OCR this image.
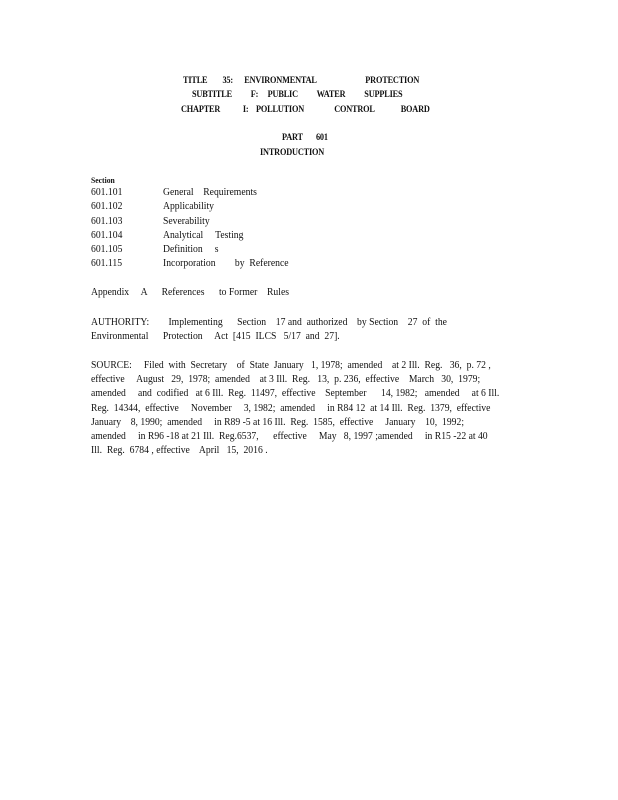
TITLE        35:      ENVIRONMENTAL                          PROTECTION
SUBTITLE          F:     PUBLIC          WATER          SUPPLIES
CHAPTER            I:    POLLUTION                CONTROL              BOARD
PART       601
INTRODUCTION
Section
601.101	General    Requirements
601.102	Applicability
601.103	Severability
601.104	Analytical     Testing
601.105	Definition     s
601.115	Incorporation        by  Reference
Appendix     A      References      to Former    Rules
AUTHORITY:        Implementing      Section    17 and  authorized    by Section    27  of  the
Environmental      Protection     Act  [415  ILCS   5/17  and  27].
SOURCE:     Filed  with  Secretary    of  State  January   1, 1978;  amended    at 2 Ill.  Reg.   36,  p. 72 ,
effective     August   29,  1978;  amended    at 3 Ill.  Reg.   13,  p. 236,  effective    March   30,  1979;
amended     and  codified   at 6 Ill.  Reg.  11497,  effective    September      14, 1982;   amended     at 6 Ill.
Reg.  14344,  effective     November     3, 1982;  amended     in R84 12  at 14 Ill.  Reg.  1379,  effective
January    8, 1990;  amended     in R89 -5 at 16 Ill.  Reg.  1585,  effective     January    10,  1992;
amended     in R96 -18 at 21 Ill.  Reg.6537,      effective     May   8, 1997 ;amended     in R15 -22 at 40
Ill.  Reg.  6784 , effective    April   15,  2016 .
